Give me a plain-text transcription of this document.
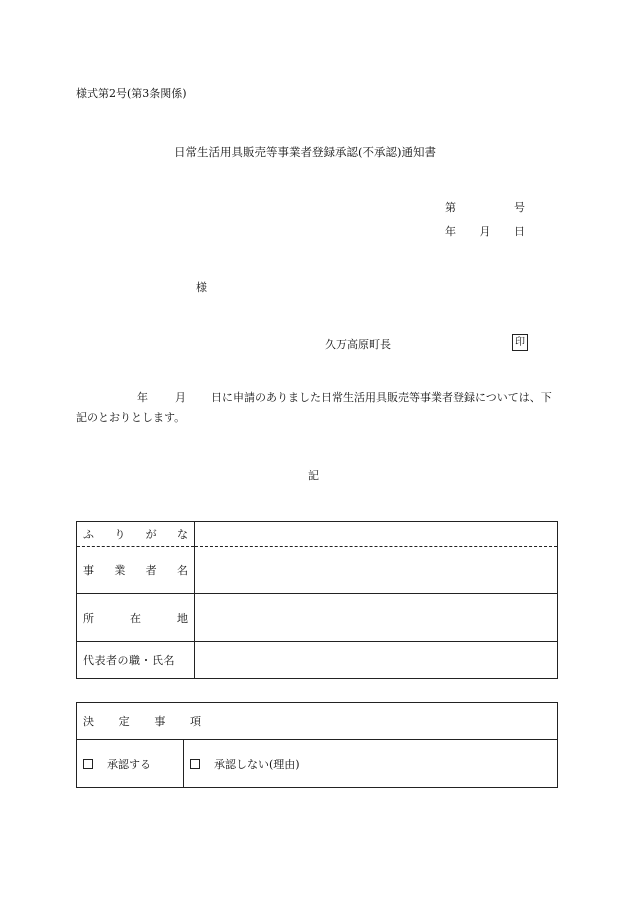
様式第2号(第3条関係)
日常生活用具販売等事業者登録承認(不承認)通知書
第	号
年 月 日
様
久万高原町長	印
年 月 日に申請のありました日常生活用具販売等事業者登録については、下記のとおりとします。
記
ふ り が な	

事 業 者 名	

所 在 地	

代表者の職・氏名	
決 定 事 項

承認する	承認しない(理由)
